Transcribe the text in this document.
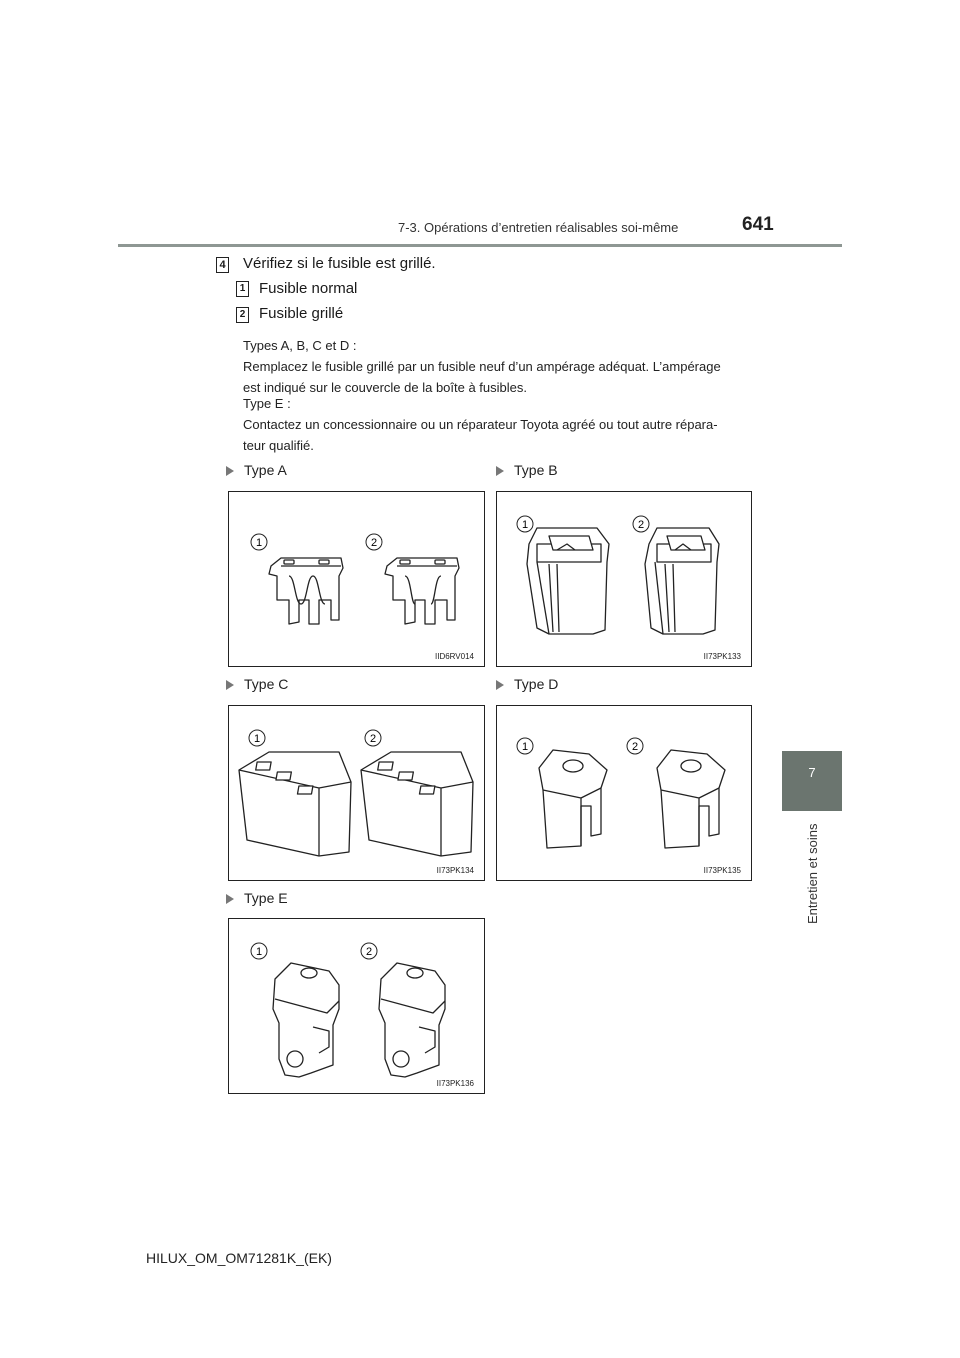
7-3. Opérations d’entretien réalisables soi-même	641
7
Entretien et soins
4 Vérifiez si le fusible est grillé.
1 Fusible normal
2 Fusible grillé
Types A, B, C et D :
Remplacez le fusible grillé par un fusible neuf d’un ampérage adéquat. L’ampérage
est indiqué sur le couvercle de la boîte à fusibles.
Type E :
Contactez un concessionnaire ou un réparateur Toyota agréé ou tout autre répara-
teur qualifié.
Type A	Type B
Type C	Type D
Type E
1	2
IID6RV014
1	2
II73PK133
1	2
II73PK134
1	2
II73PK135
1	2
II73PK136
HILUX_OM_OM71281K_(EK)
